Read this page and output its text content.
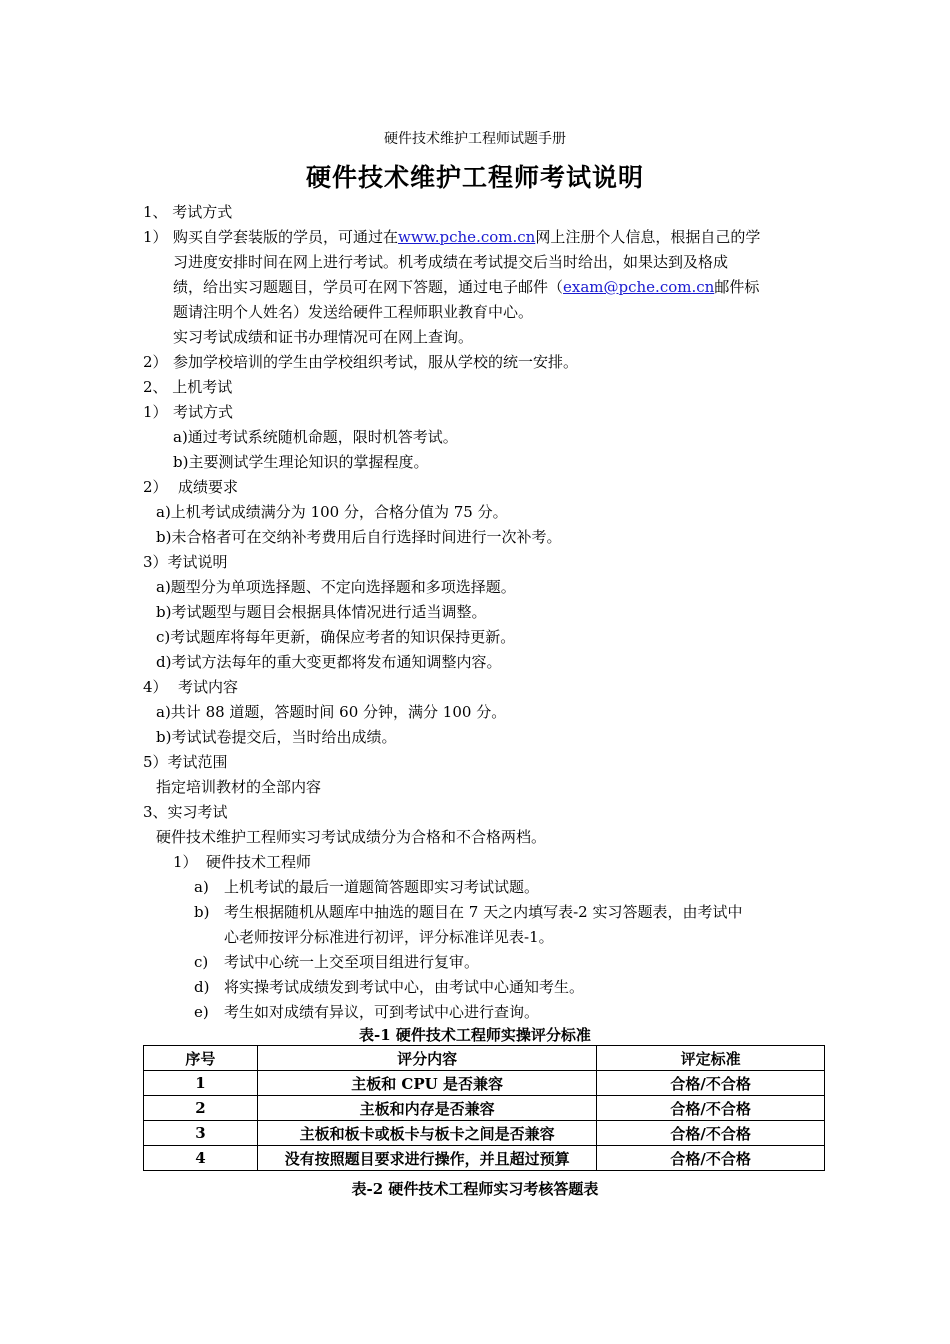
硬件技术维护工程师试题手册
硬件技术维护工程师考试说明
1、 考试方式
1） 购买自学套装版的学员，可通过在www.pche.com.cn网上注册个人信息，根据自己的学
习进度安排时间在网上进行考试。机考成绩在考试提交后当时给出，如果达到及格成
绩，给出实习题题目，学员可在网下答题，通过电子邮件（exam@pche.com.cn邮件标
题请注明个人姓名）发送给硬件工程师职业教育中心。
实习考试成绩和证书办理情况可在网上查询。
2） 参加学校培训的学生由学校组织考试，服从学校的统一安排。
2、 上机考试
1） 考试方式
a)通过考试系统随机命题，限时机答考试。
b)主要测试学生理论知识的掌握程度。
2） 成绩要求
a)上机考试成绩满分为 100 分，合格分值为 75 分。
b)未合格者可在交纳补考费用后自行选择时间进行一次补考。
3）考试说明
a)题型分为单项选择题、不定向选择题和多项选择题。
b)考试题型与题目会根据具体情况进行适当调整。
c)考试题库将每年更新，确保应考者的知识保持更新。
d)考试方法每年的重大变更都将发布通知调整内容。
4） 考试内容
a)共计 88 道题，答题时间 60 分钟，满分 100 分。
b)考试试卷提交后，当时给出成绩。
5）考试范围
指定培训教材的全部内容
3、实习考试
硬件技术维护工程师实习考试成绩分为合格和不合格两档。
1） 硬件技术工程师
a) 上机考试的最后一道题简答题即实习考试试题。
b) 考生根据随机从题库中抽选的题目在 7 天之内填写表-2 实习答题表，由考试中
心老师按评分标准进行初评，评分标准详见表-1。
c) 考试中心统一上交至项目组进行复审。
d) 将实操考试成绩发到考试中心，由考试中心通知考生。
e) 考生如对成绩有异议，可到考试中心进行查询。
表-1 硬件技术工程师实操评分标准
序号	评分内容	评定标准
1	主板和 CPU 是否兼容	合格/不合格
2	主板和内存是否兼容	合格/不合格
3	主板和板卡或板卡与板卡之间是否兼容	合格/不合格
4	没有按照题目要求进行操作，并且超过预算	合格/不合格
表-2 硬件技术工程师实习考核答题表
